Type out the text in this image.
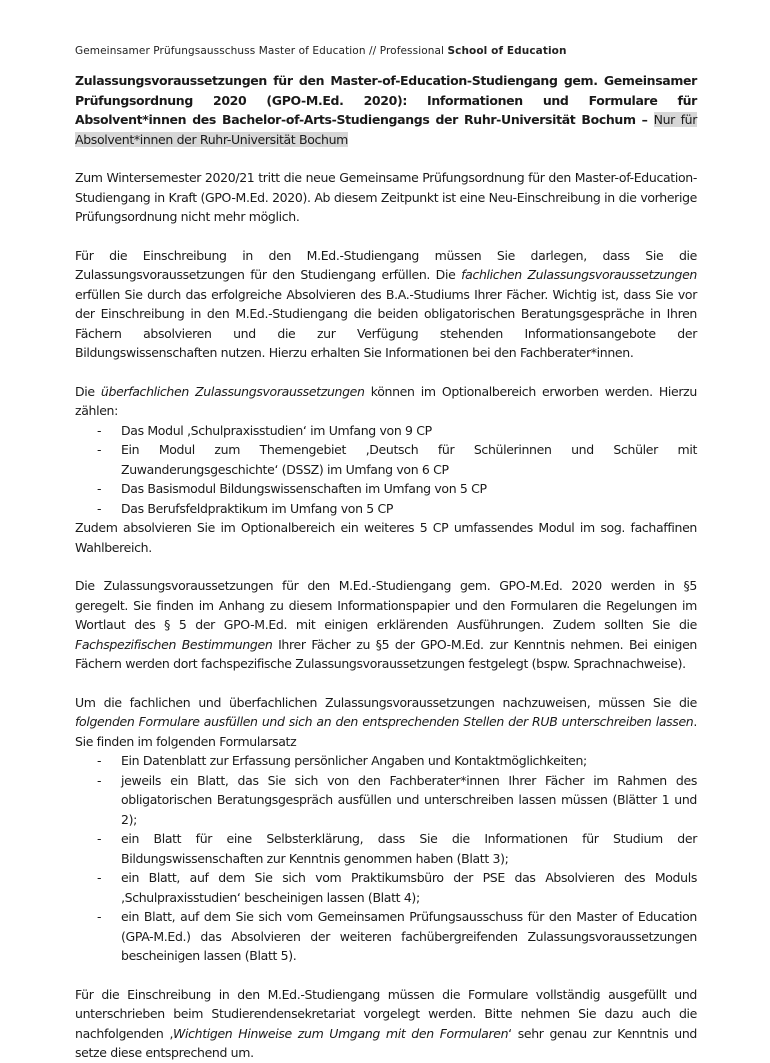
Gemeinsamer Prüfungsausschuss Master of Education // Professional School of Education
Zulassungsvoraussetzungen für den Master-of-Education-Studiengang gem. Gemeinsamer Prüfungsordnung 2020 (GPO-M.Ed. 2020): Informationen und Formulare für Absolvent*innen des Bachelor-of-Arts-Studiengangs der Ruhr-Universität Bochum – Nur für Absolvent*innen der Ruhr-Universität Bochum

Zum Wintersemester 2020/21 tritt die neue Gemeinsame Prüfungsordnung für den Master-of-Education-Studiengang in Kraft (GPO-M.Ed. 2020). Ab diesem Zeitpunkt ist eine Neu-Einschreibung in die vorherige Prüfungsordnung nicht mehr möglich.

Für die Einschreibung in den M.Ed.-Studiengang müssen Sie darlegen, dass Sie die Zulassungsvoraussetzungen für den Studiengang erfüllen. Die fachlichen Zulassungsvoraussetzungen erfüllen Sie durch das erfolgreiche Absolvieren des B.A.-Studiums Ihrer Fächer. Wichtig ist, dass Sie vor der Einschreibung in den M.Ed.-Studiengang die beiden obligatorischen Beratungsgespräche in Ihren Fächern absolvieren und die zur Verfügung stehenden Informationsangebote der Bildungswissenschaften nutzen. Hierzu erhalten Sie Informationen bei den Fachberater*innen.

Die überfachlichen Zulassungsvoraussetzungen können im Optionalbereich erworben werden. Hierzu zählen:

- Das Modul ‚Schulpraxisstudien‘ im Umfang von 9 CP
- Ein Modul zum Themengebiet ‚Deutsch für Schülerinnen und Schüler mit Zuwanderungsgeschichte‘ (DSSZ) im Umfang von 6 CP
- Das Basismodul Bildungswissenschaften im Umfang von 5 CP
- Das Berufsfeldpraktikum im Umfang von 5 CP

Zudem absolvieren Sie im Optionalbereich ein weiteres 5 CP umfassendes Modul im sog. fachaffinen Wahlbereich.

Die Zulassungsvoraussetzungen für den M.Ed.-Studiengang gem. GPO-M.Ed. 2020 werden in §5 geregelt. Sie finden im Anhang zu diesem Informationspapier und den Formularen die Regelungen im Wortlaut des § 5 der GPO-M.Ed. mit einigen erklärenden Ausführungen. Zudem sollten Sie die Fachspezifischen Bestimmungen Ihrer Fächer zu §5 der GPO-M.Ed. zur Kenntnis nehmen. Bei einigen Fächern werden dort fachspezifische Zulassungsvoraussetzungen festgelegt (bspw. Sprachnachweise).

Um die fachlichen und überfachlichen Zulassungsvoraussetzungen nachzuweisen, müssen Sie die folgenden Formulare ausfüllen und sich an den entsprechenden Stellen der RUB unterschreiben lassen. Sie finden im folgenden Formularsatz

- Ein Datenblatt zur Erfassung persönlicher Angaben und Kontaktmöglichkeiten;
- jeweils ein Blatt, das Sie sich von den Fachberater*innen Ihrer Fächer im Rahmen des obligatorischen Beratungsgespräch ausfüllen und unterschreiben lassen müssen (Blätter 1 und 2);
- ein Blatt für eine Selbsterklärung, dass Sie die Informationen für Studium der Bildungswissenschaften zur Kenntnis genommen haben (Blatt 3);
- ein Blatt, auf dem Sie sich vom Praktikumsbüro der PSE das Absolvieren des Moduls ‚Schulpraxisstudien‘ bescheinigen lassen (Blatt 4);
- ein Blatt, auf dem Sie sich vom Gemeinsamen Prüfungsausschuss für den Master of Education (GPA-M.Ed.) das Absolvieren der weiteren fachübergreifenden Zulassungsvoraussetzungen bescheinigen lassen (Blatt 5).

Für die Einschreibung in den M.Ed.-Studiengang müssen die Formulare vollständig ausgefüllt und unterschrieben beim Studierendensekretariat vorgelegt werden. Bitte nehmen Sie dazu auch die nachfolgenden ‚Wichtigen Hinweise zum Umgang mit den Formularen‘ sehr genau zur Kenntnis und setze diese entsprechend um.
